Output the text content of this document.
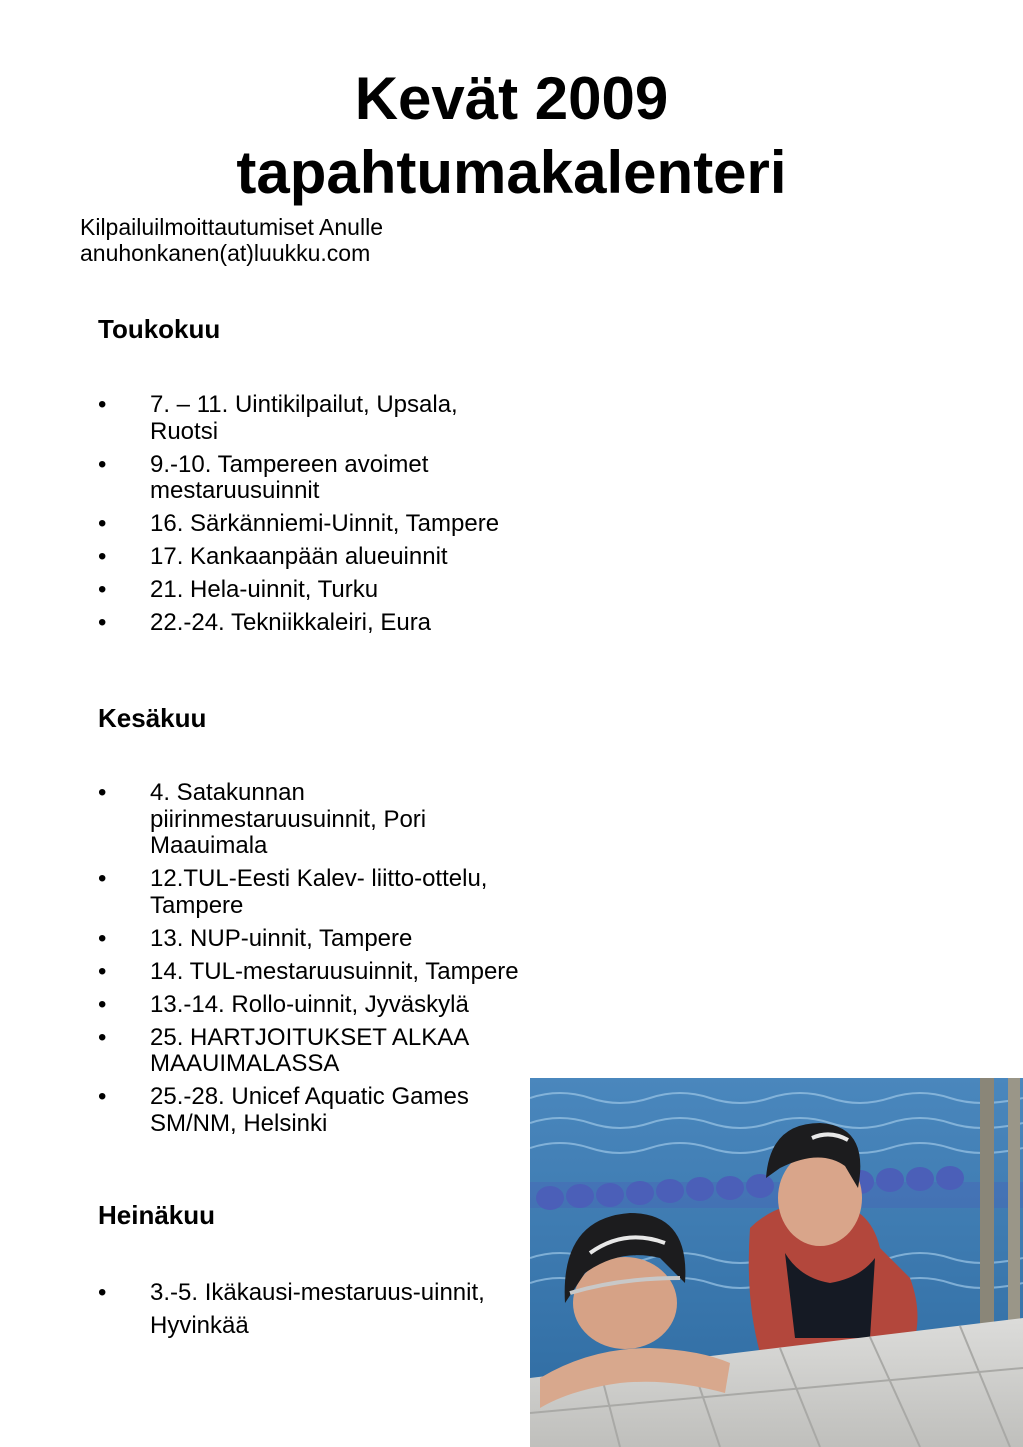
Kevät 2009
tapahtumakalenteri

Kilpailuilmoittautumiset Anulle
anuhonkanen(at)luukku.com

Toukokuu
• 7. – 11. Uintikilpailut, Upsala, Ruotsi
• 9.-10. Tampereen avoimet mestaruusuinnit
• 16. Särkänniemi-Uinnit, Tampere
• 17. Kankaanpään alueuinnit
• 21. Hela-uinnit, Turku
• 22.-24. Tekniikkaleiri, Eura
Kesäkuu
• 4. Satakunnan piirinmestaruusuinnit, Pori Maauimala
• 12.TUL-Eesti Kalev- liitto-ottelu, Tampere
• 13. NUP-uinnit, Tampere
• 14. TUL-mestaruusuinnit, Tampere
• 13.-14. Rollo-uinnit, Jyväskylä
• 25. HARTJOITUKSET ALKAA MAAUIMALASSA
• 25.-28. Unicef Aquatic Games SM/NM, Helsinki
Heinäkuu
• 3.-5. Ikäkausi-mestaruus-uinnit, Hyvinkää
